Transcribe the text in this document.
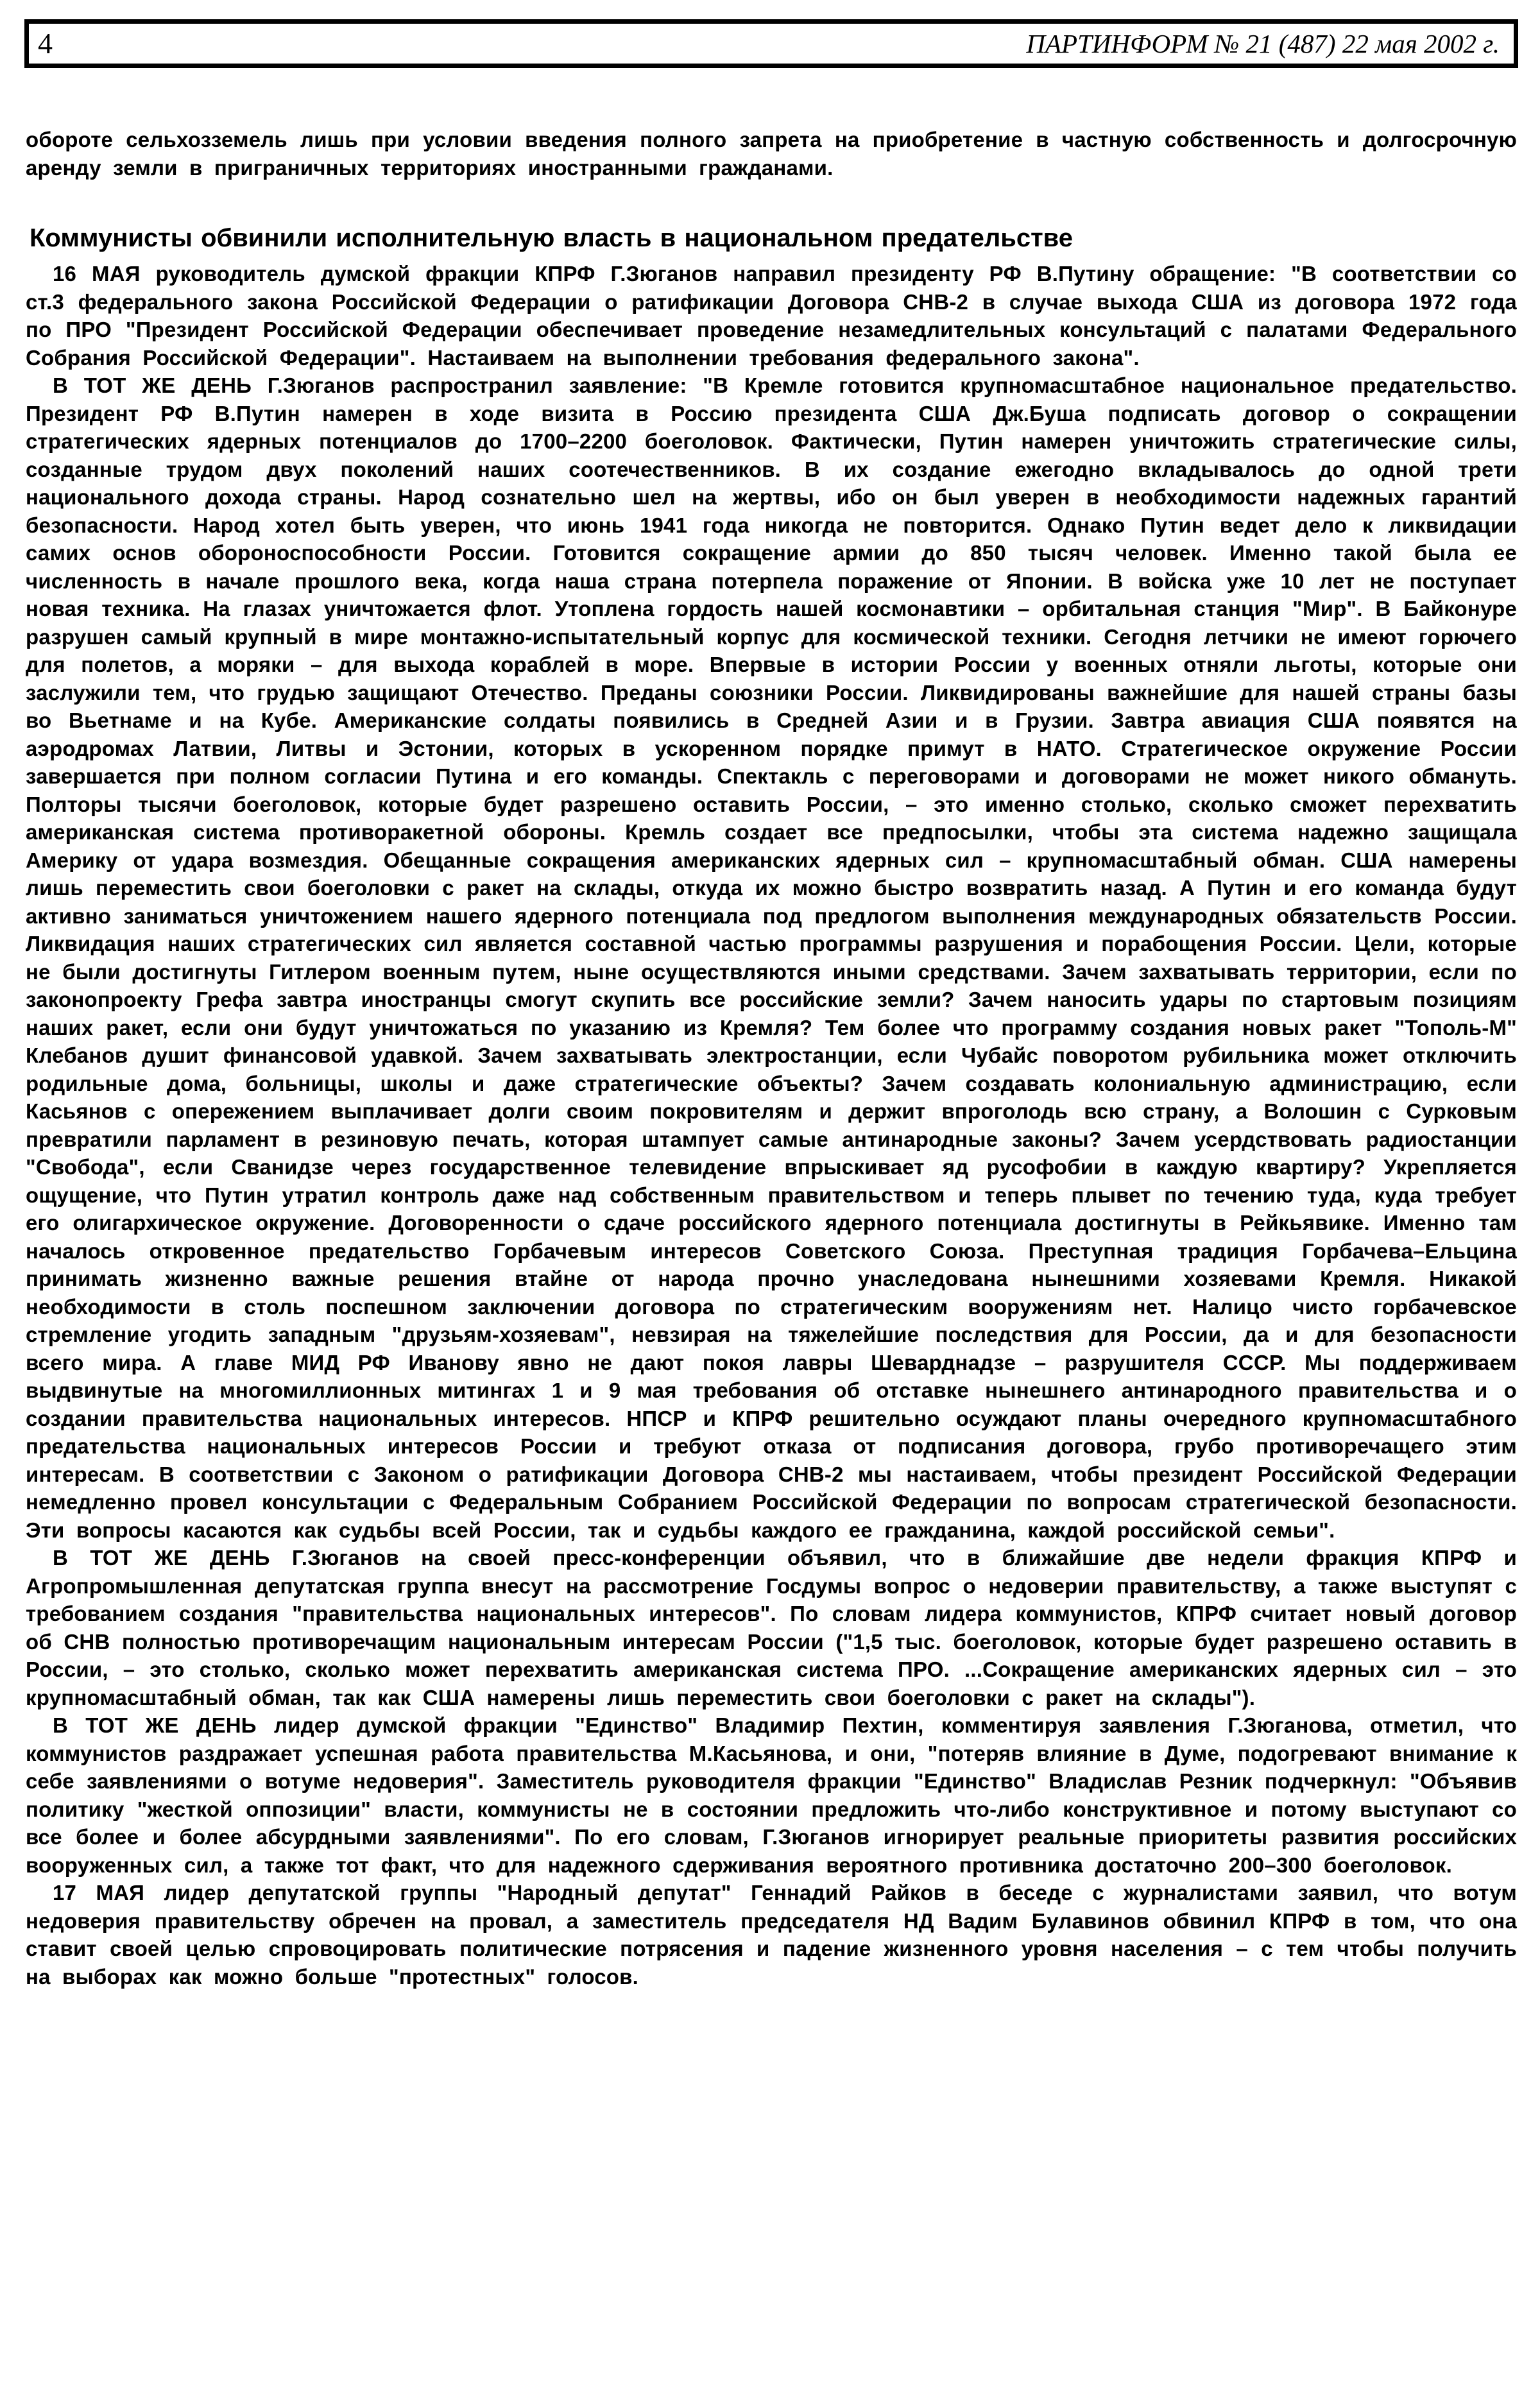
4	ПАРТИНФОРМ № 21 (487) 22 мая 2002 г.

обороте сельхозземель лишь при условии введения полного запрета на приобретение в частную собственность и долгосрочную аренду земли в приграничных территориях иностранными гражданами.

Коммунисты обвинили исполнительную власть в национальном предательстве

16 МАЯ руководитель думской фракции КПРФ Г.Зюганов направил президенту РФ В.Путину обращение: "В соответствии со ст.3 федерального закона Российской Федерации о ратификации Договора СНВ-2 в случае выхода США из договора 1972 года по ПРО "Президент Российской Федерации обеспечивает проведение незамедлительных консультаций с палатами Федерального Собрания Российской Федерации". Настаиваем на выполнении требования федерального закона".

В ТОТ ЖЕ ДЕНЬ Г.Зюганов распространил заявление: "В Кремле готовится крупномасштабное национальное предательство. Президент РФ В.Путин намерен в ходе визита в Россию президента США Дж.Буша подписать договор о сокращении стратегических ядерных потенциалов до 1700–2200 боеголовок. Фактически, Путин намерен уничтожить стратегические силы, созданные трудом двух поколений наших соотечественников. В их создание ежегодно вкладывалось до одной трети национального дохода страны. Народ сознательно шел на жертвы, ибо он был уверен в необходимости надежных гарантий безопасности. Народ хотел быть уверен, что июнь 1941 года никогда не повторится. Однако Путин ведет дело к ликвидации самих основ обороноспособности России. Готовится сокращение армии до 850 тысяч человек. Именно такой была ее численность в начале прошлого века, когда наша страна потерпела поражение от Японии. В войска уже 10 лет не поступает новая техника. На глазах уничтожается флот. Утоплена гордость нашей космонавтики – орбитальная станция "Мир". В Байконуре разрушен самый крупный в мире монтажно-испытательный корпус для космической техники. Сегодня летчики не имеют горючего для полетов, а моряки – для выхода кораблей в море. Впервые в истории России у военных отняли льготы, которые они заслужили тем, что грудью защищают Отечество. Преданы союзники России. Ликвидированы важнейшие для нашей страны базы во Вьетнаме и на Кубе. Американские солдаты появились в Средней Азии и в Грузии. Завтра авиация США появятся на аэродромах Латвии, Литвы и Эстонии, которых в ускоренном порядке примут в НАТО. Стратегическое окружение России завершается при полном согласии Путина и его команды. Спектакль с переговорами и договорами не может никого обмануть. Полторы тысячи боеголовок, которые будет разрешено оставить России, – это именно столько, сколько сможет перехватить американская система противоракетной обороны. Кремль создает все предпосылки, чтобы эта система надежно защищала Америку от удара возмездия. Обещанные сокращения американских ядерных сил – крупномасштабный обман. США намерены лишь переместить свои боеголовки с ракет на склады, откуда их можно быстро возвратить назад. А Путин и его команда будут активно заниматься уничтожением нашего ядерного потенциала под предлогом выполнения международных обязательств России. Ликвидация наших стратегических сил является составной частью программы разрушения и порабощения России. Цели, которые не были достигнуты Гитлером военным путем, ныне осуществляются иными средствами. Зачем захватывать территории, если по законопроекту Грефа завтра иностранцы смогут скупить все российские земли? Зачем наносить удары по стартовым позициям наших ракет, если они будут уничтожаться по указанию из Кремля? Тем более что программу создания новых ракет "Тополь-М" Клебанов душит финансовой удавкой. Зачем захватывать электростанции, если Чубайс поворотом рубильника может отключить родильные дома, больницы, школы и даже стратегические объекты? Зачем создавать колониальную администрацию, если Касьянов с опережением выплачивает долги своим покровителям и держит впроголодь всю страну, а Волошин с Сурковым превратили парламент в резиновую печать, которая штампует самые антинародные законы? Зачем усердствовать радиостанции "Свобода", если Сванидзе через государственное телевидение впрыскивает яд русофобии в каждую квартиру? Укрепляется ощущение, что Путин утратил контроль даже над собственным правительством и теперь плывет по течению туда, куда требует его олигархическое окружение. Договоренности о сдаче российского ядерного потенциала достигнуты в Рейкьявике. Именно там началось откровенное предательство Горбачевым интересов Советского Союза. Преступная традиция Горбачева–Ельцина принимать жизненно важные решения втайне от народа прочно унаследована нынешними хозяевами Кремля. Никакой необходимости в столь поспешном заключении договора по стратегическим вооружениям нет. Налицо чисто горбачевское стремление угодить западным "друзьям-хозяевам", невзирая на тяжелейшие последствия для России, да и для безопасности всего мира. А главе МИД РФ Иванову явно не дают покоя лавры Шеварднадзе – разрушителя СССР. Мы поддерживаем выдвинутые на многомиллионных митингах 1 и 9 мая требования об отставке нынешнего антинародного правительства и о создании правительства национальных интересов. НПСР и КПРФ решительно осуждают планы очередного крупномасштабного предательства национальных интересов России и требуют отказа от подписания договора, грубо противоречащего этим интересам. В соответствии с Законом о ратификации Договора СНВ-2 мы настаиваем, чтобы президент Российской Федерации немедленно провел консультации с Федеральным Собранием Российской Федерации по вопросам стратегической безопасности. Эти вопросы касаются как судьбы всей России, так и судьбы каждого ее гражданина, каждой российской семьи".

В ТОТ ЖЕ ДЕНЬ Г.Зюганов на своей пресс-конференции объявил, что в ближайшие две недели фракция КПРФ и Агропромышленная депутатская группа внесут на рассмотрение Госдумы вопрос о недоверии правительству, а также выступят с требованием создания "правительства национальных интересов". По словам лидера коммунистов, КПРФ считает новый договор об СНВ полностью противоречащим национальным интересам России ("1,5 тыс. боеголовок, которые будет разрешено оставить в России, – это столько, сколько может перехватить американская система ПРО. ...Сокращение американских ядерных сил – это крупномасштабный обман, так как США намерены лишь переместить свои боеголовки с ракет на склады").

В ТОТ ЖЕ ДЕНЬ лидер думской фракции "Единство" Владимир Пехтин, комментируя заявления Г.Зюганова, отметил, что коммунистов раздражает успешная работа правительства М.Касьянова, и они, "потеряв влияние в Думе, подогревают внимание к себе заявлениями о вотуме недоверия". Заместитель руководителя фракции "Единство" Владислав Резник подчеркнул: "Объявив политику "жесткой оппозиции" власти, коммунисты не в состоянии предложить что-либо конструктивное и потому выступают со все более и более абсурдными заявлениями". По его словам, Г.Зюганов игнорирует реальные приоритеты развития российских вооруженных сил, а также тот факт, что для надежного сдерживания вероятного противника достаточно 200–300 боеголовок.

17 МАЯ лидер депутатской группы "Народный депутат" Геннадий Райков в беседе с журналистами заявил, что вотум недоверия правительству обречен на провал, а заместитель председателя НД Вадим Булавинов обвинил КПРФ в том, что она ставит своей целью спровоцировать политические потрясения и падение жизненного уровня населения – с тем чтобы получить на выборах как можно больше "протестных" голосов.
